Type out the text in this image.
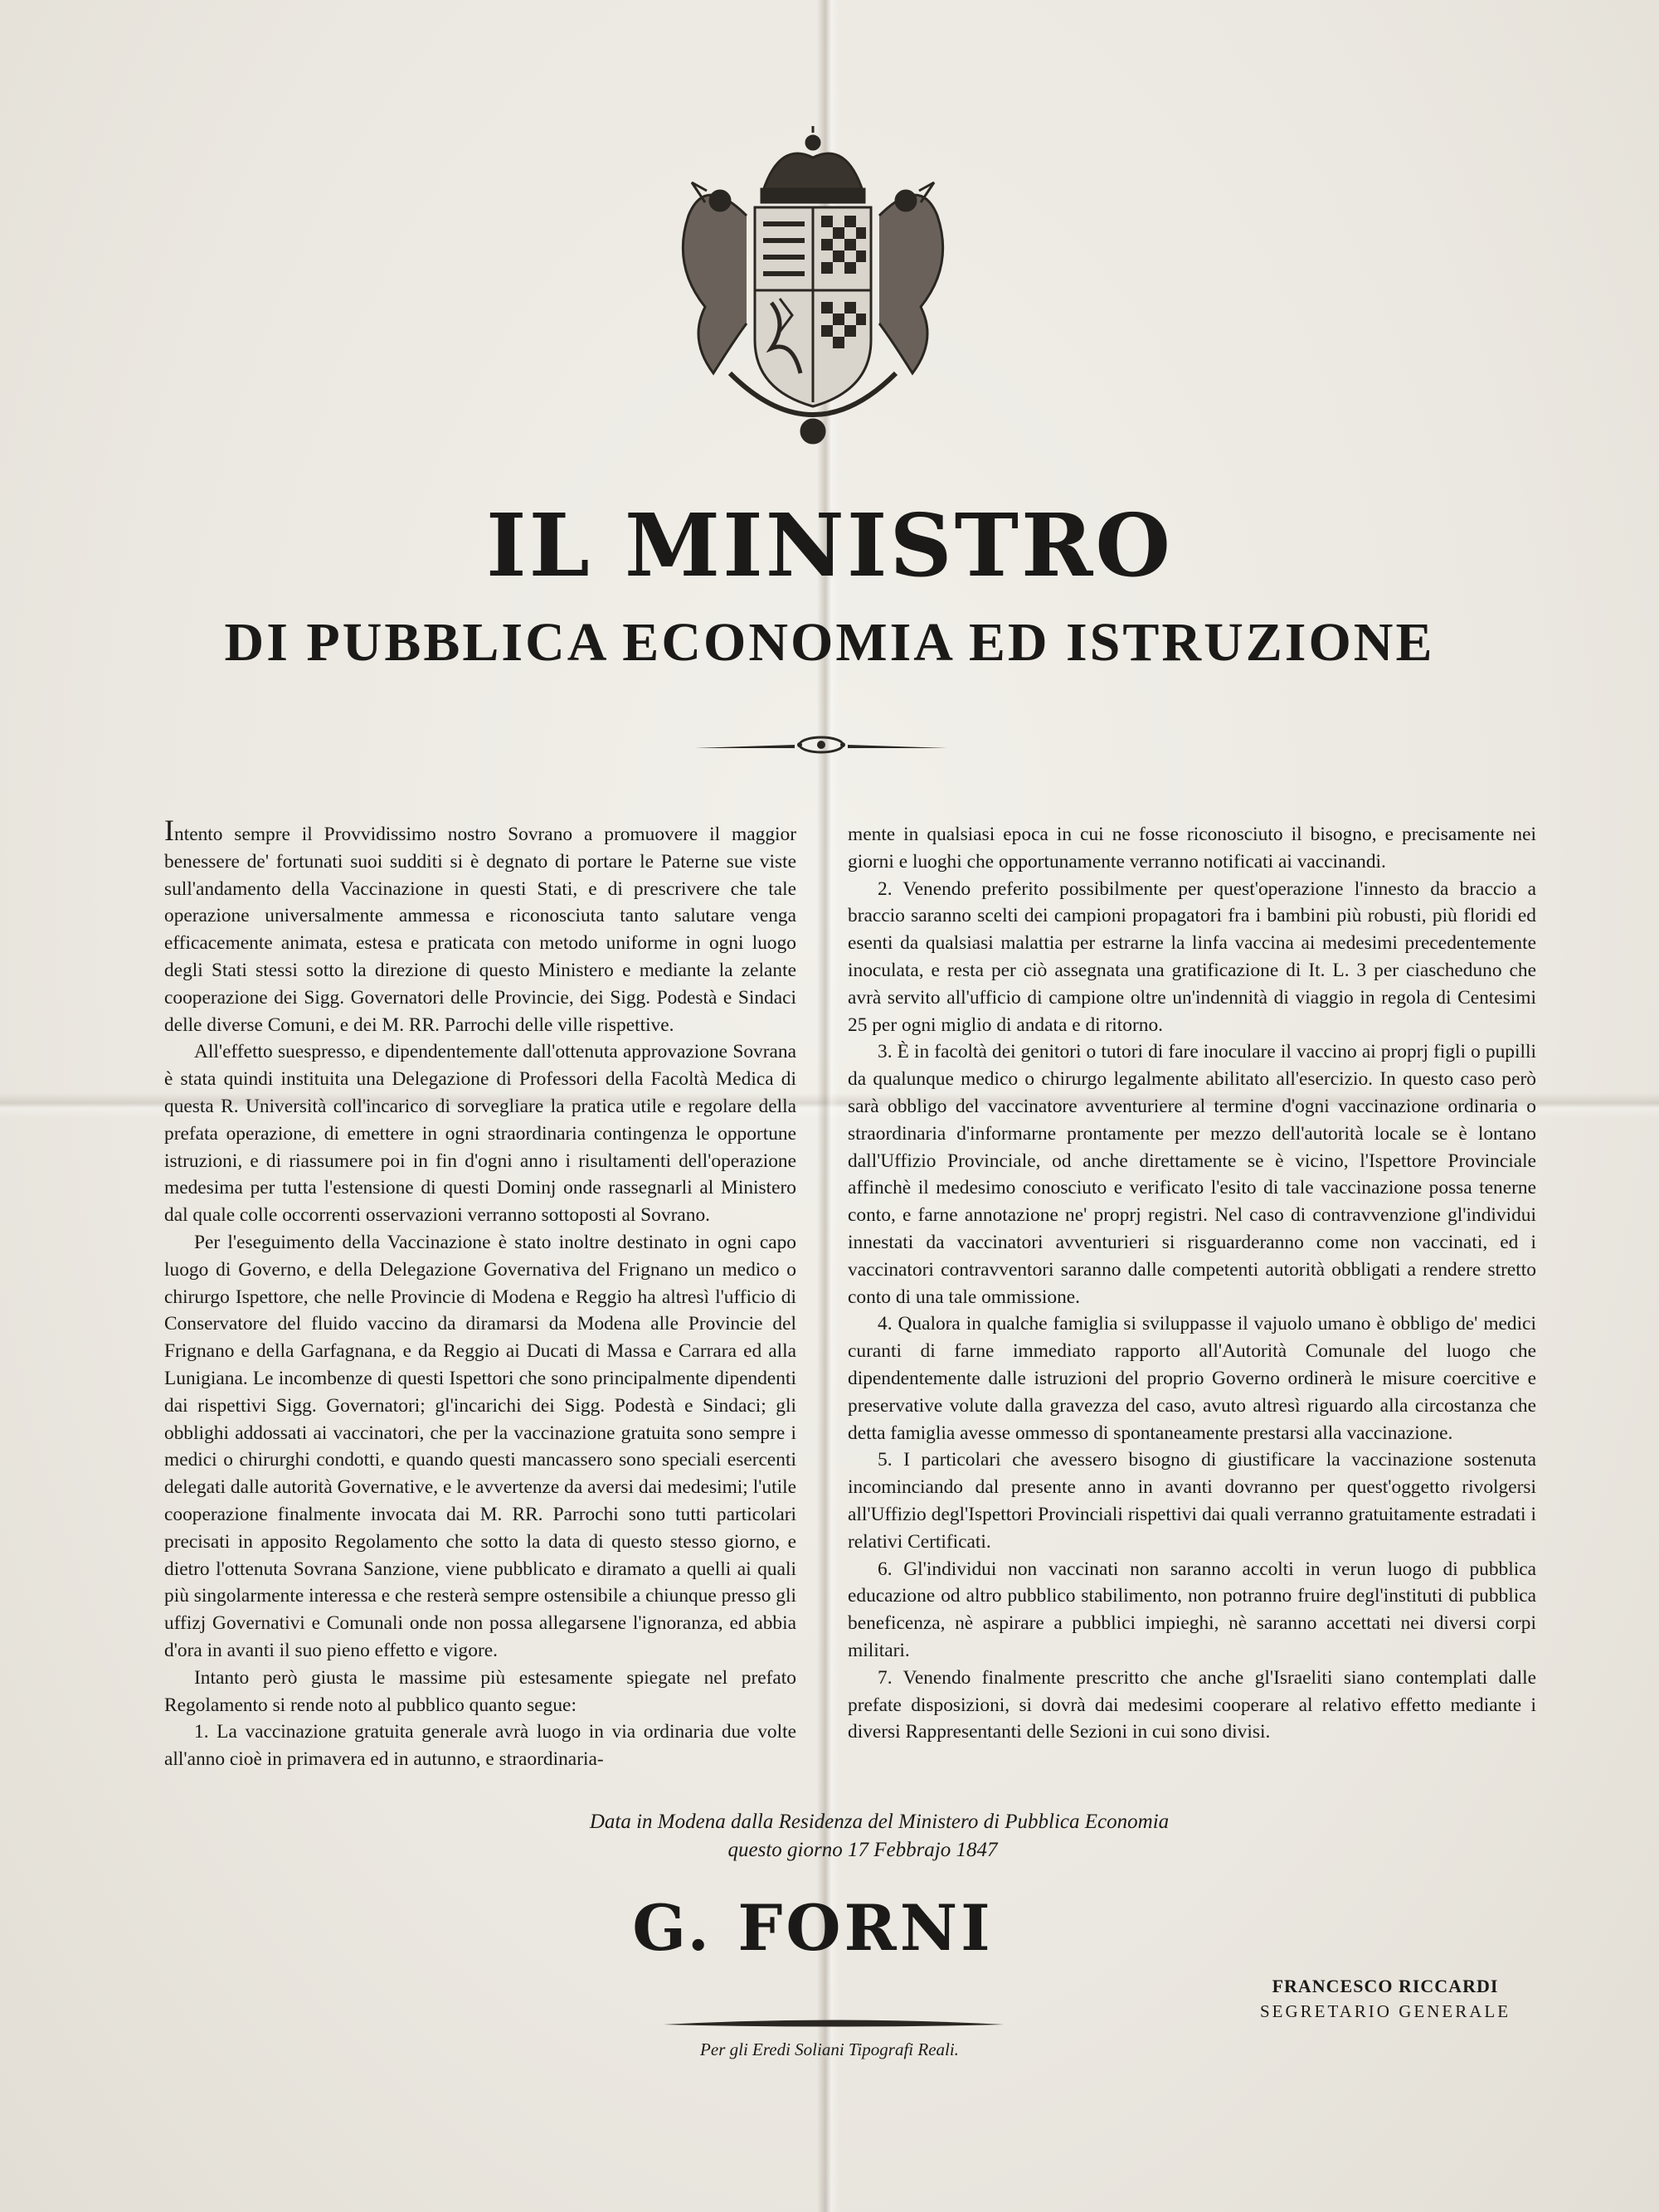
IL MINISTRO
DI PUBBLICA ECONOMIA ED ISTRUZIONE

Intento sempre il Provvidissimo nostro Sovrano a promuovere il maggior benessere de' fortunati suoi sudditi si è degnato di portare le Paterne sue viste sull'andamento della Vaccinazione in questi Stati, e di prescrivere che tale operazione universalmente ammessa e riconosciuta tanto salutare venga efficacemente animata, estesa e praticata con metodo uniforme in ogni luogo degli Stati stessi sotto la direzione di questo Ministero e mediante la zelante cooperazione dei Sigg. Governatori delle Provincie, dei Sigg. Podestà e Sindaci delle diverse Comuni, e dei M. RR. Parrochi delle ville rispettive.

All'effetto suespresso, e dipendentemente dall'ottenuta approvazione Sovrana è stata quindi instituita una Delegazione di Professori della Facoltà Medica di questa R. Università coll'incarico di sorvegliare la pratica utile e regolare della prefata operazione, di emettere in ogni straordinaria contingenza le opportune istruzioni, e di riassumere poi in fin d'ogni anno i risultamenti dell'operazione medesima per tutta l'estensione di questi Dominj onde rassegnarli al Ministero dal quale colle occorrenti osservazioni verranno sottoposti al Sovrano.

Per l'eseguimento della Vaccinazione è stato inoltre destinato in ogni capo luogo di Governo, e della Delegazione Governativa del Frignano un medico o chirurgo Ispettore, che nelle Provincie di Modena e Reggio ha altresì l'ufficio di Conservatore del fluido vaccino da diramarsi da Modena alle Provincie del Frignano e della Garfagnana, e da Reggio ai Ducati di Massa e Carrara ed alla Lunigiana. Le incombenze di questi Ispettori che sono principalmente dipendenti dai rispettivi Sigg. Governatori; gl'incarichi dei Sigg. Podestà e Sindaci; gli obblighi addossati ai vaccinatori, che per la vaccinazione gratuita sono sempre i medici o chirurghi condotti, e quando questi mancassero sono speciali esercenti delegati dalle autorità Governative, e le avvertenze da aversi dai medesimi; l'utile cooperazione finalmente invocata dai M. RR. Parrochi sono tutti particolari precisati in apposito Regolamento che sotto la data di questo stesso giorno, e dietro l'ottenuta Sovrana Sanzione, viene pubblicato e diramato a quelli ai quali più singolarmente interessa e che resterà sempre ostensibile a chiunque presso gli uffizj Governativi e Comunali onde non possa allegarsene l'ignoranza, ed abbia d'ora in avanti il suo pieno effetto e vigore.

Intanto però giusta le massime più estesamente spiegate nel prefato Regolamento si rende noto al pubblico quanto segue:

1. La vaccinazione gratuita generale avrà luogo in via ordinaria due volte all'anno cioè in primavera ed in autunno, e straordinaria-

mente in qualsiasi epoca in cui ne fosse riconosciuto il bisogno, e precisamente nei giorni e luoghi che opportunamente verranno notificati ai vaccinandi.

2. Venendo preferito possibilmente per quest'operazione l'innesto da braccio a braccio saranno scelti dei campioni propagatori fra i bambini più robusti, più floridi ed esenti da qualsiasi malattia per estrarne la linfa vaccina ai medesimi precedentemente inoculata, e resta per ciò assegnata una gratificazione di It. L. 3 per ciascheduno che avrà servito all'ufficio di campione oltre un'indennità di viaggio in regola di Centesimi 25 per ogni miglio di andata e di ritorno.

3. È in facoltà dei genitori o tutori di fare inoculare il vaccino ai proprj figli o pupilli da qualunque medico o chirurgo legalmente abilitato all'esercizio. In questo caso però sarà obbligo del vaccinatore avventuriere al termine d'ogni vaccinazione ordinaria o straordinaria d'informarne prontamente per mezzo dell'autorità locale se è lontano dall'Uffizio Provinciale, od anche direttamente se è vicino, l'Ispettore Provinciale affinchè il medesimo conosciuto e verificato l'esito di tale vaccinazione possa tenerne conto, e farne annotazione ne' proprj registri. Nel caso di contravvenzione gl'individui innestati da vaccinatori avventurieri si risguarderanno come non vaccinati, ed i vaccinatori contravventori saranno dalle competenti autorità obbligati a rendere stretto conto di una tale ommissione.

4. Qualora in qualche famiglia si sviluppasse il vajuolo umano è obbligo de' medici curanti di farne immediato rapporto all'Autorità Comunale del luogo che dipendentemente dalle istruzioni del proprio Governo ordinerà le misure coercitive e preservative volute dalla gravezza del caso, avuto altresì riguardo alla circostanza che detta famiglia avesse ommesso di spontaneamente prestarsi alla vaccinazione.

5. I particolari che avessero bisogno di giustificare la vaccinazione sostenuta incominciando dal presente anno in avanti dovranno per quest'oggetto rivolgersi all'Uffizio degl'Ispettori Provinciali rispettivi dai quali verranno gratuitamente estradati i relativi Certificati.

6. Gl'individui non vaccinati non saranno accolti in verun luogo di pubblica educazione od altro pubblico stabilimento, non potranno fruire degl'instituti di pubblica beneficenza, nè aspirare a pubblici impieghi, nè saranno accettati nei diversi corpi militari.

7. Venendo finalmente prescritto che anche gl'Israeliti siano contemplati dalle prefate disposizioni, si dovrà dai medesimi cooperare al relativo effetto mediante i diversi Rappresentanti delle Sezioni in cui sono divisi.

Data in Modena dalla Residenza del Ministero di Pubblica Economia
questo giorno 17 Febbrajo 1847

G. FORNI

Per gli Eredi Soliani Tipografi Reali.

FRANCESCO RICCARDI
SEGRETARIO GENERALE
